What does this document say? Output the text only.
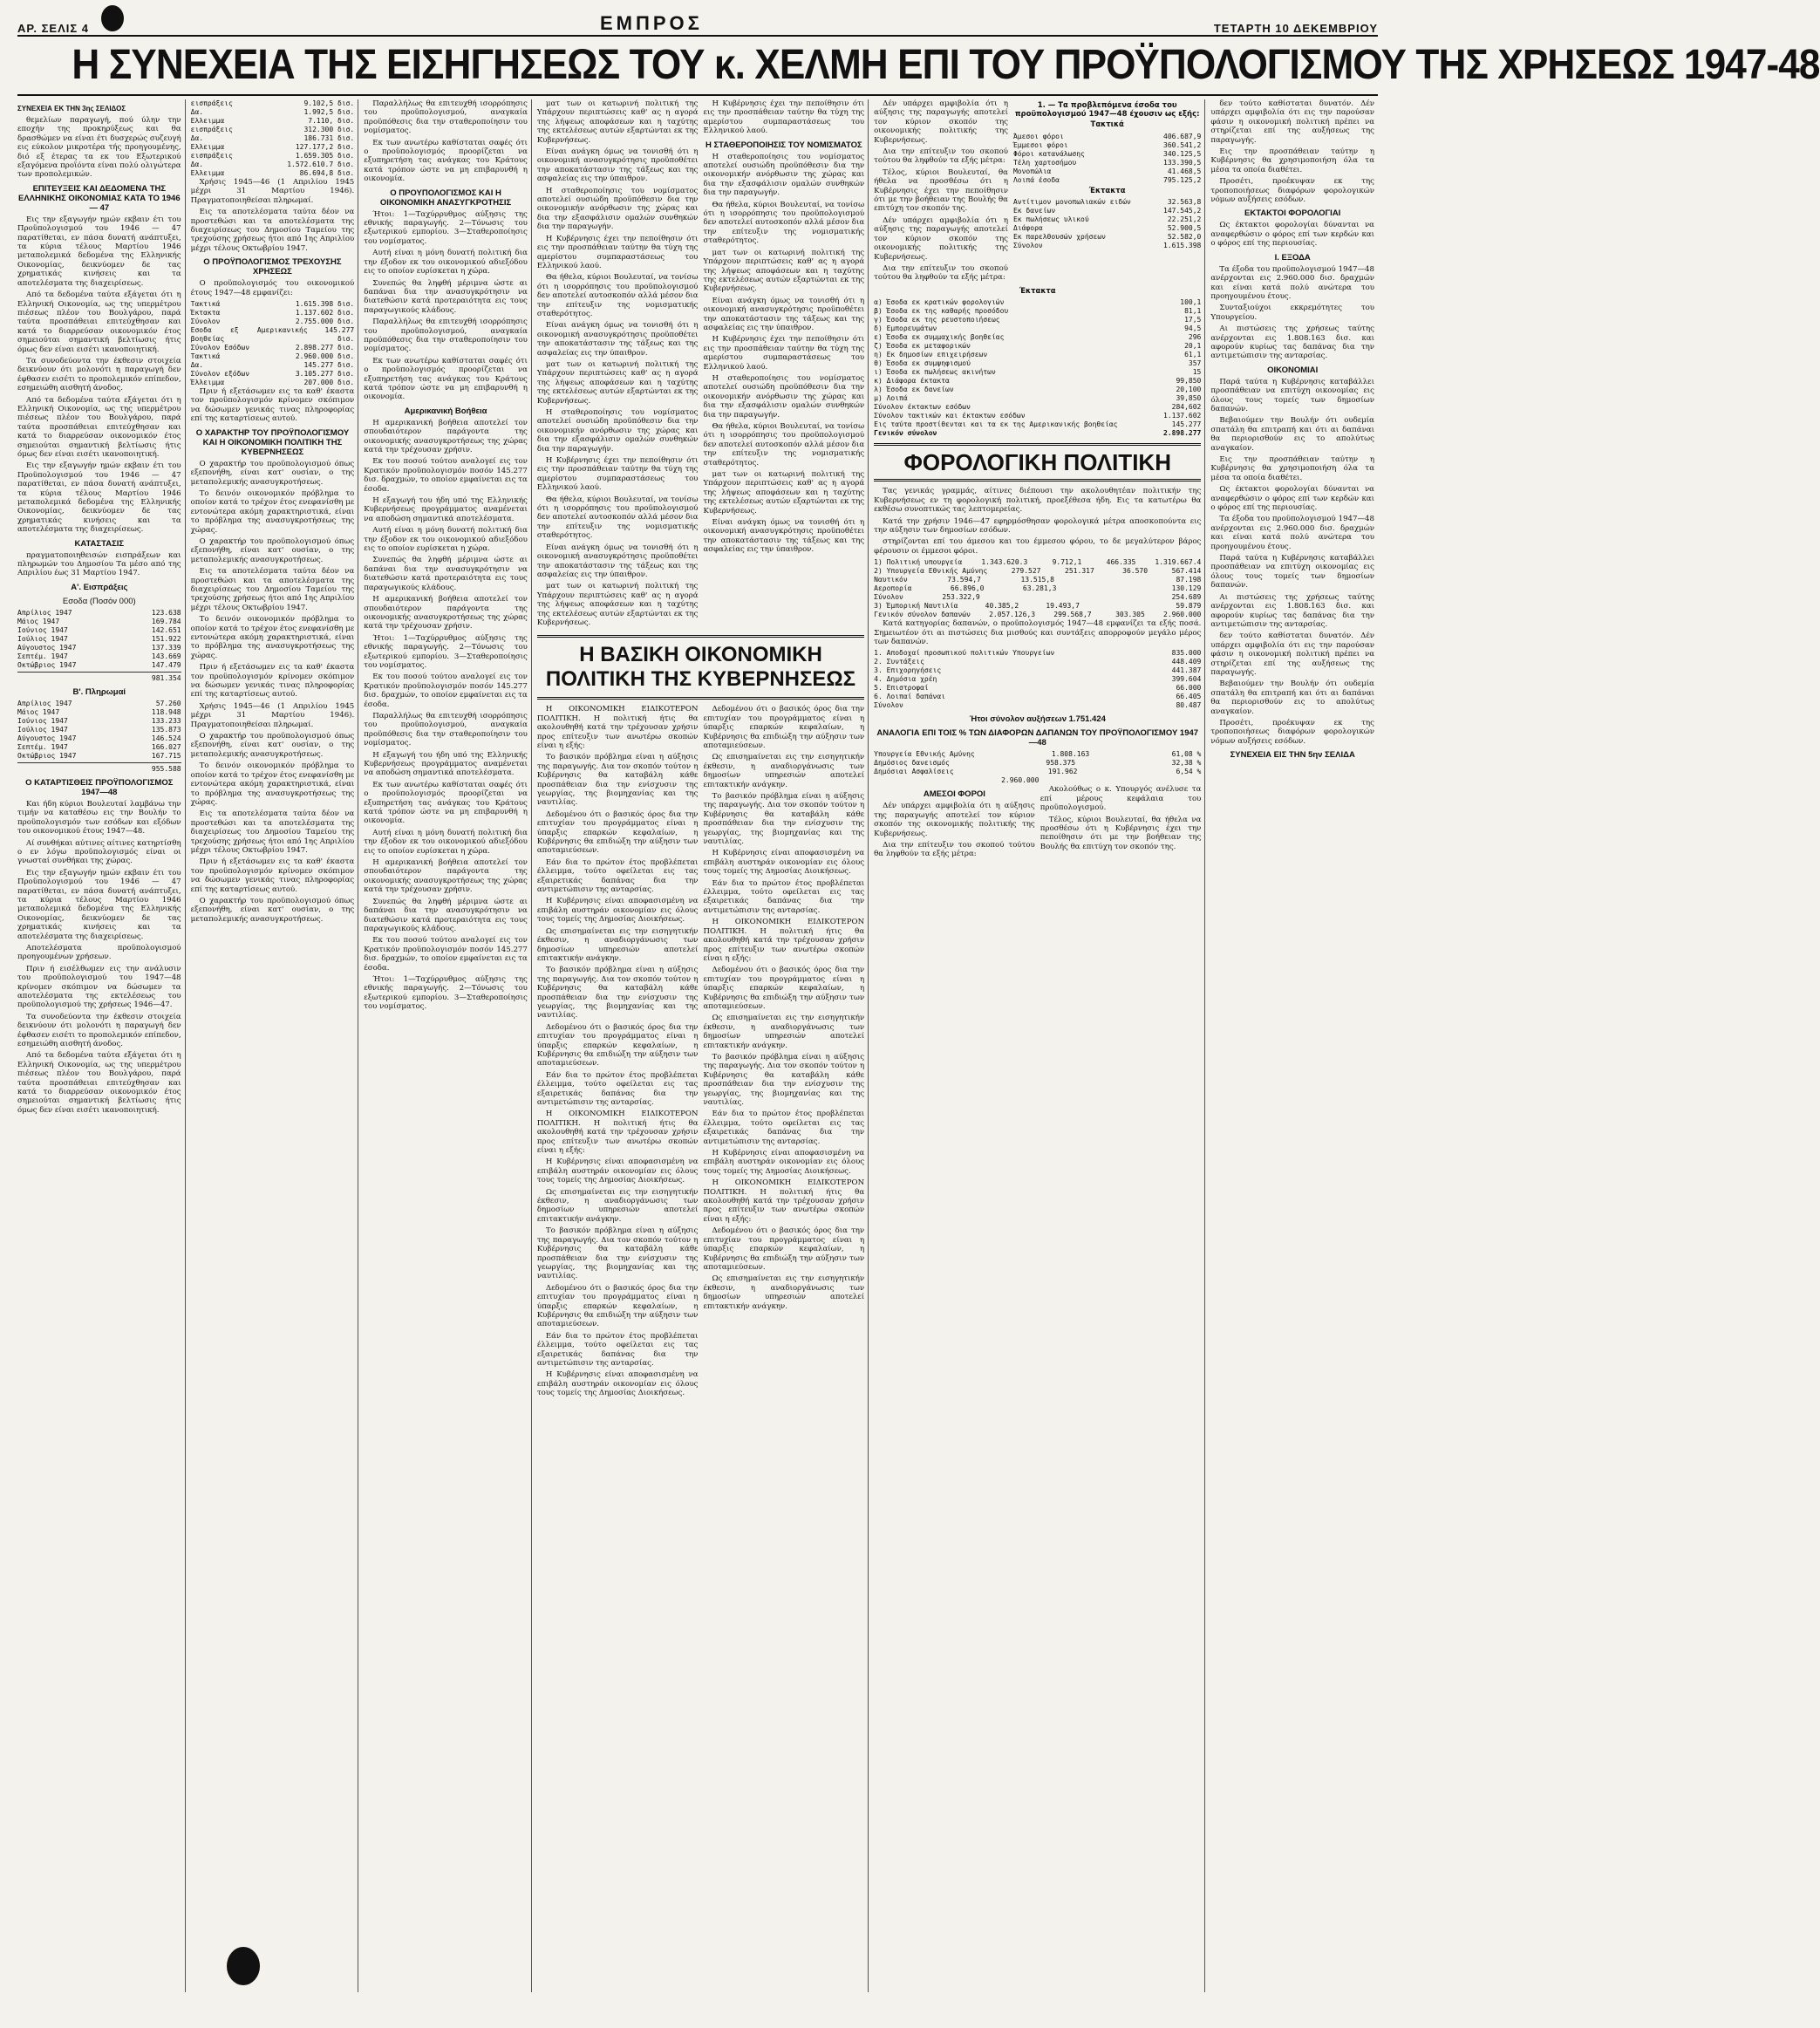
ΑΡ. ΣΕΛΙΣ 4	ΕΜΠΡΟΣ	ΤΕΤΑΡΤΗ 10 ΔΕΚΕΜΒΡΙΟΥ
Η ΣΥΝΕΧΕΙΑ ΤΗΣ ΕΙΣΗΓΗΣΕΩΣ ΤΟΥ κ. ΧΕΛΜΗ ΕΠΙ ΤΟΥ ΠΡΟΫΠΟΛΟΓΙΣΜΟΥ ΤΗΣ ΧΡΗΣΕΩΣ 1947-48
ΣΥΝΕΧΕΙΑ ΕΚ ΤΗΝ 3ης ΣΕΛΙΔΟΣ

θεμελίων παραγωγή, πού ύλην την εποχήν της προκηρύξεως και θα δρασθώμεν να είναι έτι δυσχερώς συζευγή εις εύκολον μικροτέρα τής προηγουμένης, διό εξ έτερας τα εκ του Εξωτερικού εξαγόμενα προϊόντα είναι πολύ ολιγώτερα των προπολεμικών.

ΕΠΙΤΕΥΞΕΙΣ ΚΑΙ ΔΕΔΟΜΕΝΑ ΤΗΣ ΕΛΛΗΝΙΚΗΣ ΟΙΚΟΝΟΜΙΑΣ ΚΑΤΑ ΤΟ 1946 — 47

Εις την εξαγωγήν ημών εκβαιν έτι του Προϋπολογισμού του 1946 — 47 παρατίθεται, εν πάσα δυνατή ανάπτυξει, τα κύρια τέλους Μαρτίου 1946 μεταπολεμικά δεδομένα της Ελληνικής Οικονομίας, δεικνύομεν δε τας χρηματικάς κινήσεις και τα αποτελέσματα της διαχειρίσεως.

Από τα δεδομένα ταύτα εξάγεται ότι η Ελληνική Οικονομία, ως της υπερμέτρου πιέσεως πλέον του Βουλγάρου, παρά ταύτα προσπάθειαι επιτεύχθησαν και κατά το διαρρεύσαν οικονομικόν έτος σημειούται σημαντική βελτίωσις ήτις όμως δεν είναι εισέτι ικανοποιητική.

Τα συνοδεύοντα την έκθεσιν στοιχεία δεικνύουν ότι μολονότι η παραγωγή δεν έφθασεν εισέτι το προπολεμικόν επίπεδον, εσημειώθη αισθητή άνοδος.

Από τα δεδομένα ταύτα εξάγεται ότι η Ελληνική Οικονομία, ως της υπερμέτρου πιέσεως πλέον του Βουλγάρου, παρά ταύτα προσπάθειαι επιτεύχθησαν και κατά το διαρρεύσαν οικονομικόν έτος σημειούται σημαντική βελτίωσις ήτις όμως δεν είναι εισέτι ικανοποιητική.

Εις την εξαγωγήν ημών εκβαιν έτι του Προϋπολογισμού του 1946 — 47 παρατίθεται, εν πάσα δυνατή ανάπτυξει, τα κύρια τέλους Μαρτίου 1946 μεταπολεμικά δεδομένα της Ελληνικής Οικονομίας, δεικνύομεν δε τας χρηματικάς κινήσεις και τα αποτελέσματα της διαχειρίσεως.

ΚΑΤΑΣΤΑΣΙΣ

πραγματοποιηθεισών εισπράξεων και πληρωμών του Δημοσίου Τα μέσο από της Απριλίου έως 31 Μαρτίου 1947.

Α'. Εισπράξεις
Εσοδα (Ποσόν 000)
Απρίλιος 1947	123.638
Μάιος 1947	169.784
Ιούνιος 1947	142.651
Ιούλιος 1947	151.922
Αύγουστος 1947	137.339
Σεπτέμ. 1947	143.669
Οκτώβριος 1947	147.479
981.354
Β'. Πληρωμαί
Απρίλιος 1947	57.260
Μάιος 1947	118.948
Ιούνιος 1947	133.233
Ιούλιος 1947	135.873
Αύγουστος 1947	146.524
Σεπτέμ. 1947	166.027
Οκτώβριος 1947	167.715
955.588
Ο ΚΑΤΑΡΤΙΣΘΕΙΣ ΠΡΟΫΠΟΛΟΓΙΣΜΟΣ 1947—48

Και ήδη κύριοι Βουλευταί λαμβάνω την τιμήν να καταθέσω εις την Βουλήν το προϋπολογισμόν των εσόδων και εξόδων του οικονομικού έτους 1947—48.

Αί συνθήκαι αύτινες αίτινες κατηρτίσθη ο εν λόγω προϋπολογισμός είναι οι γνωσταί συνθήκαι της χώρας.

Εις την εξαγωγήν ημών εκβαιν έτι του Προϋπολογισμού του 1946 — 47 παρατίθεται, εν πάσα δυνατή ανάπτυξει, τα κύρια τέλους Μαρτίου 1946 μεταπολεμικά δεδομένα της Ελληνικής Οικονομίας, δεικνύομεν δε τας χρηματικάς κινήσεις και τα αποτελέσματα της διαχειρίσεως.

Αποτελέσματα προϋπολογισμού προηγουμένων χρήσεων.

Πριν ή εισέλθωμεν εις την ανάλυσιν του προϋπολογισμού του 1947—48 κρίνομεν σκόπιμον να δώσωμεν τα αποτελέσματα της εκτελέσεως του προϋπολογισμού της χρήσεως 1946—47.

Τα συνοδεύοντα την έκθεσιν στοιχεία δεικνύουν ότι μολονότι η παραγωγή δεν έφθασεν εισέτι το προπολεμικόν επίπεδον, εσημειώθη αισθητή άνοδος.

Από τα δεδομένα ταύτα εξάγεται ότι η Ελληνική Οικονομία, ως της υπερμέτρου πιέσεως πλέον του Βουλγάρου, παρά ταύτα προσπάθειαι επιτεύχθησαν και κατά το διαρρεύσαν οικονομικόν έτος σημειούται σημαντική βελτίωσις ήτις όμως δεν είναι εισέτι ικανοποιητική.

εισπράξεις	9.102,5 δισ.
Δα.	1.992,5 δισ.
Ελλειμμα	7.110, δισ.
εισπράξεις	312.300 δισ.
Δα.	186.731 δισ.
Ελλειμμα	127.177,2 δισ.
εισπράξεις	1.659.305 δισ.
Δα.	1.572.610.7 δισ.
Ελλειμμα	86.694,8 δισ.

Χρήσις 1945—46 (1 Απριλίου 1945 μέχρι 31 Μαρτίου 1946). Πραγματοποιηθείσαι πληρωμαί.

Εις τα αποτελέσματα ταύτα δέον να προστεθώσι και τα αποτελέσματα της διαχειρίσεως του Δημοσίου Ταμείου της τρεχούσης χρήσεως ήτοι από 1ης Απριλίου μέχρι τέλους Οκτωβρίου 1947.

Ο ΠΡΟΫΠΟΛΟΓΙΣΜΟΣ ΤΡΕΧΟΥΣΗΣ ΧΡΗΣΕΩΣ

Ο προϋπολογισμός του οικονομικού έτους 1947—48 εμφανίζει:

Τακτικά	1.615.398 δισ.
Έκτακτα	1.137.602 δισ.
Σύνολον	2.755.000 δισ.
Εσοδα εξ Αμερικανικής βοηθείας
145.277 δισ.
Σύνολον Εσόδων	2.898.277 δισ.
Τακτικά	2.960.000 δισ.
Δα.	145.277 δισ.
Σύνολον εξόδων	3.105.277 δισ.
Έλλειμμα	207.000 δισ.

Πριν ή εξετάσωμεν εις τα καθ' έκαστα τον προϋπολογισμόν κρίνομεν σκόπιμον να δώσωμεν γενικάς τινας πληροφορίας επί της καταρτίσεως αυτού.

Ο ΧΑΡΑΚΤΗΡ ΤΟΥ ΠΡΟΫΠΟΛΟΓΙΣΜΟΥ ΚΑΙ Η ΟΙΚΟΝΟΜΙΚΗ ΠΟΛΙΤΙΚΗ ΤΗΣ ΚΥΒΕΡΝΗΣΕΩΣ

Ο χαρακτήρ του προϋπολογισμού όπως εξεπονήθη, είναι κατ' ουσίαν, ο της μεταπολεμικής ανασυγκροτήσεως.

Το δεινόν οικονομικόν πρόβλημα το οποίον κατά το τρέχον έτος ενεφανίσθη με εντονώτερα ακόμη χαρακτηριστικά, είναι το πρόβλημα της ανασυγκροτήσεως της χώρας.

Ο χαρακτήρ του προϋπολογισμού όπως εξεπονήθη, είναι κατ' ουσίαν, ο της μεταπολεμικής ανασυγκροτήσεως.

Εις τα αποτελέσματα ταύτα δέον να προστεθώσι και τα αποτελέσματα της διαχειρίσεως του Δημοσίου Ταμείου της τρεχούσης χρήσεως ήτοι από 1ης Απριλίου μέχρι τέλους Οκτωβρίου 1947.

Το δεινόν οικονομικόν πρόβλημα το οποίον κατά το τρέχον έτος ενεφανίσθη με εντονώτερα ακόμη χαρακτηριστικά, είναι το πρόβλημα της ανασυγκροτήσεως της χώρας.

Πριν ή εξετάσωμεν εις τα καθ' έκαστα τον προϋπολογισμόν κρίνομεν σκόπιμον να δώσωμεν γενικάς τινας πληροφορίας επί της καταρτίσεως αυτού.

Χρήσις 1945—46 (1 Απριλίου 1945 μέχρι 31 Μαρτίου 1946). Πραγματοποιηθείσαι πληρωμαί.

Ο χαρακτήρ του προϋπολογισμού όπως εξεπονήθη, είναι κατ' ουσίαν, ο της μεταπολεμικής ανασυγκροτήσεως.

Το δεινόν οικονομικόν πρόβλημα το οποίον κατά το τρέχον έτος ενεφανίσθη με εντονώτερα ακόμη χαρακτηριστικά, είναι το πρόβλημα της ανασυγκροτήσεως της χώρας.

Εις τα αποτελέσματα ταύτα δέον να προστεθώσι και τα αποτελέσματα της διαχειρίσεως του Δημοσίου Ταμείου της τρεχούσης χρήσεως ήτοι από 1ης Απριλίου μέχρι τέλους Οκτωβρίου 1947.

Πριν ή εξετάσωμεν εις τα καθ' έκαστα τον προϋπολογισμόν κρίνομεν σκόπιμον να δώσωμεν γενικάς τινας πληροφορίας επί της καταρτίσεως αυτού.

Ο χαρακτήρ του προϋπολογισμού όπως εξεπονήθη, είναι κατ' ουσίαν, ο της μεταπολεμικής ανασυγκροτήσεως.

Παραλλήλως θα επιτευχθή ισορρόπησις του προϋπολογισμού, αναγκαία προϋπόθεσις δια την σταθεροποίησιν του νομίσματος.

Εκ των ανωτέρω καθίσταται σαφές ότι ο προϋπολογισμός προορίζεται να εξυπηρετήση τας ανάγκας του Κράτους κατά τρόπον ώστε να μη επιβαρυνθή η οικονομία.

Ο ΠΡΟΥΠΟΛΟΓΙΣΜΟΣ ΚΑΙ Η ΟΙΚΟΝΟΜΙΚΗ ΑΝΑΣΥΓΚΡΟΤΗΣΙΣ

Ήτοι: 1—Ταχύρρυθμος αύξησις της εθνικής παραγωγής. 2—Τόνωσις του εξωτερικού εμπορίου. 3—Σταθεροποίησις του νομίσματος.

Αυτή είναι η μόνη δυνατή πολιτική δια την έξοδον εκ του οικονομικού αδιεξόδου εις το οποίον ευρίσκεται η χώρα.

Συνεπώς θα ληφθή μέριμνα ώστε αι δαπάναι δια την ανασυγκρότησιν να διατεθώσιν κατά προτεραιότητα εις τους παραγωγικούς κλάδους.

Παραλλήλως θα επιτευχθή ισορρόπησις του προϋπολογισμού, αναγκαία προϋπόθεσις δια την σταθεροποίησιν του νομίσματος.

Εκ των ανωτέρω καθίσταται σαφές ότι ο προϋπολογισμός προορίζεται να εξυπηρετήση τας ανάγκας του Κράτους κατά τρόπον ώστε να μη επιβαρυνθή η οικονομία.

Αμερικανική Βοήθεια

Η αμερικανική βοήθεια αποτελεί τον σπουδαιότερον παράγοντα της οικονομικής ανασυγκροτήσεως της χώρας κατά την τρέχουσαν χρήσιν.

Εκ του ποσού τούτου αναλογεί εις τον Κρατικόν προϋπολογισμόν ποσόν 145.277 δισ. δραχμών, το οποίον εμφαίνεται εις τα έσοδα.

Η εξαγωγή του ήδη υπό της Ελληνικής Κυβερνήσεως προγράμματος αναμένεται να αποδώση σημαντικά αποτελέσματα.

Αυτή είναι η μόνη δυνατή πολιτική δια την έξοδον εκ του οικονομικού αδιεξόδου εις το οποίον ευρίσκεται η χώρα.

Συνεπώς θα ληφθή μέριμνα ώστε αι δαπάναι δια την ανασυγκρότησιν να διατεθώσιν κατά προτεραιότητα εις τους παραγωγικούς κλάδους.

Η αμερικανική βοήθεια αποτελεί τον σπουδαιότερον παράγοντα της οικονομικής ανασυγκροτήσεως της χώρας κατά την τρέχουσαν χρήσιν.

Ήτοι: 1—Ταχύρρυθμος αύξησις της εθνικής παραγωγής. 2—Τόνωσις του εξωτερικού εμπορίου. 3—Σταθεροποίησις του νομίσματος.

Εκ του ποσού τούτου αναλογεί εις τον Κρατικόν προϋπολογισμόν ποσόν 145.277 δισ. δραχμών, το οποίον εμφαίνεται εις τα έσοδα.

Παραλλήλως θα επιτευχθή ισορρόπησις του προϋπολογισμού, αναγκαία προϋπόθεσις δια την σταθεροποίησιν του νομίσματος.

Η εξαγωγή του ήδη υπό της Ελληνικής Κυβερνήσεως προγράμματος αναμένεται να αποδώση σημαντικά αποτελέσματα.

Εκ των ανωτέρω καθίσταται σαφές ότι ο προϋπολογισμός προορίζεται να εξυπηρετήση τας ανάγκας του Κράτους κατά τρόπον ώστε να μη επιβαρυνθή η οικονομία.

Αυτή είναι η μόνη δυνατή πολιτική δια την έξοδον εκ του οικονομικού αδιεξόδου εις το οποίον ευρίσκεται η χώρα.

Η αμερικανική βοήθεια αποτελεί τον σπουδαιότερον παράγοντα της οικονομικής ανασυγκροτήσεως της χώρας κατά την τρέχουσαν χρήσιν.

Συνεπώς θα ληφθή μέριμνα ώστε αι δαπάναι δια την ανασυγκρότησιν να διατεθώσιν κατά προτεραιότητα εις τους παραγωγικούς κλάδους.

Εκ του ποσού τούτου αναλογεί εις τον Κρατικόν προϋπολογισμόν ποσόν 145.277 δισ. δραχμών, το οποίον εμφαίνεται εις τα έσοδα.

Ήτοι: 1—Ταχύρρυθμος αύξησις της εθνικής παραγωγής. 2—Τόνωσις του εξωτερικού εμπορίου. 3—Σταθεροποίησις του νομίσματος.

ματ των οι κατωρινή πολιτική της Υπάρχουν περιπτώσεις καθ' ας η αγορά της λήψεως αποφάσεων και η ταχύτης της εκτελέσεως αυτών εξαρτώνται εκ της Κυβερνήσεως.

Είναι ανάγκη όμως να τονισθή ότι η οικονομική ανασυγκρότησις προϋποθέτει την αποκατάστασιν της τάξεως και της ασφαλείας εις την ύπαιθρον.

Η σταθεροποίησις του νομίσματος αποτελεί ουσιώδη προϋπόθεσιν δια την οικονομικήν ανόρθωσιν της χώρας και δια την εξασφάλισιν ομαλών συνθηκών δια την παραγωγήν.

Η Κυβέρνησις έχει την πεποίθησιν ότι εις την προσπάθειαν ταύτην θα τύχη της αμερίστου συμπαραστάσεως του Ελληνικού λαού.

Θα ήθελα, κύριοι Βουλευταί, να τονίσω ότι η ισορρόπησις του προϋπολογισμού δεν αποτελεί αυτοσκοπόν αλλά μέσον δια την επίτευξιν της νομισματικής σταθερότητος.

Είναι ανάγκη όμως να τονισθή ότι η οικονομική ανασυγκρότησις προϋποθέτει την αποκατάστασιν της τάξεως και της ασφαλείας εις την ύπαιθρον.

ματ των οι κατωρινή πολιτική της Υπάρχουν περιπτώσεις καθ' ας η αγορά της λήψεως αποφάσεων και η ταχύτης της εκτελέσεως αυτών εξαρτώνται εκ της Κυβερνήσεως.

Η σταθεροποίησις του νομίσματος αποτελεί ουσιώδη προϋπόθεσιν δια την οικονομικήν ανόρθωσιν της χώρας και δια την εξασφάλισιν ομαλών συνθηκών δια την παραγωγήν.

Η Κυβέρνησις έχει την πεποίθησιν ότι εις την προσπάθειαν ταύτην θα τύχη της αμερίστου συμπαραστάσεως του Ελληνικού λαού.

Θα ήθελα, κύριοι Βουλευταί, να τονίσω ότι η ισορρόπησις του προϋπολογισμού δεν αποτελεί αυτοσκοπόν αλλά μέσον δια την επίτευξιν της νομισματικής σταθερότητος.

Είναι ανάγκη όμως να τονισθή ότι η οικονομική ανασυγκρότησις προϋποθέτει την αποκατάστασιν της τάξεως και της ασφαλείας εις την ύπαιθρον.

ματ των οι κατωρινή πολιτική της Υπάρχουν περιπτώσεις καθ' ας η αγορά της λήψεως αποφάσεων και η ταχύτης της εκτελέσεως αυτών εξαρτώνται εκ της Κυβερνήσεως.

Η Κυβέρνησις έχει την πεποίθησιν ότι εις την προσπάθειαν ταύτην θα τύχη της αμερίστου συμπαραστάσεως του Ελληνικού λαού.

Η ΣΤΑΘΕΡΟΠΟΙΗΣΙΣ ΤΟΥ ΝΟΜΙΣΜΑΤΟΣ

Η σταθεροποίησις του νομίσματος αποτελεί ουσιώδη προϋπόθεσιν δια την οικονομικήν ανόρθωσιν της χώρας και δια την εξασφάλισιν ομαλών συνθηκών δια την παραγωγήν.

Θα ήθελα, κύριοι Βουλευταί, να τονίσω ότι η ισορρόπησις του προϋπολογισμού δεν αποτελεί αυτοσκοπόν αλλά μέσον δια την επίτευξιν της νομισματικής σταθερότητος.

ματ των οι κατωρινή πολιτική της Υπάρχουν περιπτώσεις καθ' ας η αγορά της λήψεως αποφάσεων και η ταχύτης της εκτελέσεως αυτών εξαρτώνται εκ της Κυβερνήσεως.

Είναι ανάγκη όμως να τονισθή ότι η οικονομική ανασυγκρότησις προϋποθέτει την αποκατάστασιν της τάξεως και της ασφαλείας εις την ύπαιθρον.

Η Κυβέρνησις έχει την πεποίθησιν ότι εις την προσπάθειαν ταύτην θα τύχη της αμερίστου συμπαραστάσεως του Ελληνικού λαού.

Η σταθεροποίησις του νομίσματος αποτελεί ουσιώδη προϋπόθεσιν δια την οικονομικήν ανόρθωσιν της χώρας και δια την εξασφάλισιν ομαλών συνθηκών δια την παραγωγήν.

Θα ήθελα, κύριοι Βουλευταί, να τονίσω ότι η ισορρόπησις του προϋπολογισμού δεν αποτελεί αυτοσκοπόν αλλά μέσον δια την επίτευξιν της νομισματικής σταθερότητος.

ματ των οι κατωρινή πολιτική της Υπάρχουν περιπτώσεις καθ' ας η αγορά της λήψεως αποφάσεων και η ταχύτης της εκτελέσεως αυτών εξαρτώνται εκ της Κυβερνήσεως.

Είναι ανάγκη όμως να τονισθή ότι η οικονομική ανασυγκρότησις προϋποθέτει την αποκατάστασιν της τάξεως και της ασφαλείας εις την ύπαιθρον.

Η ΒΑΣΙΚΗ ΟΙΚΟΝΟΜΙΚΗ ΠΟΛΙΤΙΚΗ ΤΗΣ ΚΥΒΕΡΝΗΣΕΩΣ

Η ΟΙΚΟΝΟΜΙΚΗ ΕΙΔΙΚΟΤΕΡΟΝ ΠΟΛΙΤΙΚΗ. Η πολιτική ήτις θα ακολουθηθή κατά την τρέχουσαν χρήσιν προς επίτευξιν των ανωτέρω σκοπών είναι η εξής:

Το βασικόν πρόβλημα είναι η αύξησις της παραγωγής. Δια τον σκοπόν τούτον η Κυβέρνησις θα καταβάλη κάθε προσπάθειαν δια την ενίσχυσιν της γεωργίας, της βιομηχανίας και της ναυτιλίας.

Δεδομένου ότι ο βασικός όρος δια την επιτυχίαν του προγράμματος είναι η ύπαρξις επαρκών κεφαλαίων, η Κυβέρνησις θα επιδιώξη την αύξησιν των αποταμιεύσεων.

Εάν δια το πρώτον έτος προβλέπεται έλλειμμα, τούτο οφείλεται εις τας εξαιρετικάς δαπάνας δια την αντιμετώπισιν της ανταρσίας.

Η Κυβέρνησις είναι αποφασισμένη να επιβάλη αυστηράν οικονομίαν εις όλους τους τομείς της Δημοσίας Διοικήσεως.

Ως επισημαίνεται εις την εισηγητικήν έκθεσιν, η αναδιοργάνωσις των δημοσίων υπηρεσιών αποτελεί επιτακτικήν ανάγκην.

Το βασικόν πρόβλημα είναι η αύξησις της παραγωγής. Δια τον σκοπόν τούτον η Κυβέρνησις θα καταβάλη κάθε προσπάθειαν δια την ενίσχυσιν της γεωργίας, της βιομηχανίας και της ναυτιλίας.

Δεδομένου ότι ο βασικός όρος δια την επιτυχίαν του προγράμματος είναι η ύπαρξις επαρκών κεφαλαίων, η Κυβέρνησις θα επιδιώξη την αύξησιν των αποταμιεύσεων.

Εάν δια το πρώτον έτος προβλέπεται έλλειμμα, τούτο οφείλεται εις τας εξαιρετικάς δαπάνας δια την αντιμετώπισιν της ανταρσίας.

Η ΟΙΚΟΝΟΜΙΚΗ ΕΙΔΙΚΟΤΕΡΟΝ ΠΟΛΙΤΙΚΗ. Η πολιτική ήτις θα ακολουθηθή κατά την τρέχουσαν χρήσιν προς επίτευξιν των ανωτέρω σκοπών είναι η εξής:

Η Κυβέρνησις είναι αποφασισμένη να επιβάλη αυστηράν οικονομίαν εις όλους τους τομείς της Δημοσίας Διοικήσεως.

Ως επισημαίνεται εις την εισηγητικήν έκθεσιν, η αναδιοργάνωσις των δημοσίων υπηρεσιών αποτελεί επιτακτικήν ανάγκην.

Το βασικόν πρόβλημα είναι η αύξησις της παραγωγής. Δια τον σκοπόν τούτον η Κυβέρνησις θα καταβάλη κάθε προσπάθειαν δια την ενίσχυσιν της γεωργίας, της βιομηχανίας και της ναυτιλίας.

Δεδομένου ότι ο βασικός όρος δια την επιτυχίαν του προγράμματος είναι η ύπαρξις επαρκών κεφαλαίων, η Κυβέρνησις θα επιδιώξη την αύξησιν των αποταμιεύσεων.

Εάν δια το πρώτον έτος προβλέπεται έλλειμμα, τούτο οφείλεται εις τας εξαιρετικάς δαπάνας δια την αντιμετώπισιν της ανταρσίας.

Η Κυβέρνησις είναι αποφασισμένη να επιβάλη αυστηράν οικονομίαν εις όλους τους τομείς της Δημοσίας Διοικήσεως.

Δεδομένου ότι ο βασικός όρος δια την επιτυχίαν του προγράμματος είναι η ύπαρξις επαρκών κεφαλαίων, η Κυβέρνησις θα επιδιώξη την αύξησιν των αποταμιεύσεων.

Ως επισημαίνεται εις την εισηγητικήν έκθεσιν, η αναδιοργάνωσις των δημοσίων υπηρεσιών αποτελεί επιτακτικήν ανάγκην.

Το βασικόν πρόβλημα είναι η αύξησις της παραγωγής. Δια τον σκοπόν τούτον η Κυβέρνησις θα καταβάλη κάθε προσπάθειαν δια την ενίσχυσιν της γεωργίας, της βιομηχανίας και της ναυτιλίας.

Η Κυβέρνησις είναι αποφασισμένη να επιβάλη αυστηράν οικονομίαν εις όλους τους τομείς της Δημοσίας Διοικήσεως.

Εάν δια το πρώτον έτος προβλέπεται έλλειμμα, τούτο οφείλεται εις τας εξαιρετικάς δαπάνας δια την αντιμετώπισιν της ανταρσίας.

Η ΟΙΚΟΝΟΜΙΚΗ ΕΙΔΙΚΟΤΕΡΟΝ ΠΟΛΙΤΙΚΗ. Η πολιτική ήτις θα ακολουθηθή κατά την τρέχουσαν χρήσιν προς επίτευξιν των ανωτέρω σκοπών είναι η εξής:

Δεδομένου ότι ο βασικός όρος δια την επιτυχίαν του προγράμματος είναι η ύπαρξις επαρκών κεφαλαίων, η Κυβέρνησις θα επιδιώξη την αύξησιν των αποταμιεύσεων.

Ως επισημαίνεται εις την εισηγητικήν έκθεσιν, η αναδιοργάνωσις των δημοσίων υπηρεσιών αποτελεί επιτακτικήν ανάγκην.

Το βασικόν πρόβλημα είναι η αύξησις της παραγωγής. Δια τον σκοπόν τούτον η Κυβέρνησις θα καταβάλη κάθε προσπάθειαν δια την ενίσχυσιν της γεωργίας, της βιομηχανίας και της ναυτιλίας.

Εάν δια το πρώτον έτος προβλέπεται έλλειμμα, τούτο οφείλεται εις τας εξαιρετικάς δαπάνας δια την αντιμετώπισιν της ανταρσίας.

Η Κυβέρνησις είναι αποφασισμένη να επιβάλη αυστηράν οικονομίαν εις όλους τους τομείς της Δημοσίας Διοικήσεως.

Η ΟΙΚΟΝΟΜΙΚΗ ΕΙΔΙΚΟΤΕΡΟΝ ΠΟΛΙΤΙΚΗ. Η πολιτική ήτις θα ακολουθηθή κατά την τρέχουσαν χρήσιν προς επίτευξιν των ανωτέρω σκοπών είναι η εξής:

Δεδομένου ότι ο βασικός όρος δια την επιτυχίαν του προγράμματος είναι η ύπαρξις επαρκών κεφαλαίων, η Κυβέρνησις θα επιδιώξη την αύξησιν των αποταμιεύσεων.

Ως επισημαίνεται εις την εισηγητικήν έκθεσιν, η αναδιοργάνωσις των δημοσίων υπηρεσιών αποτελεί επιτακτικήν ανάγκην.

Δέν υπάρχει αμφιβολία ότι η αύξησις της παραγωγής αποτελεί τον κύριον σκοπόν της οικονομικής πολιτικής της Κυβερνήσεως.

Δια την επίτευξιν του σκοπού τούτου θα ληφθούν τα εξής μέτρα:

Τέλος, κύριοι Βουλευταί, θα ήθελα να προσθέσω ότι η Κυβέρνησις έχει την πεποίθησιν ότι με την βοήθειαν της Βουλής θα επιτύχη τον σκοπόν της.

Δέν υπάρχει αμφιβολία ότι η αύξησις της παραγωγής αποτελεί τον κύριον σκοπόν της οικονομικής πολιτικής της Κυβερνήσεως.

Δια την επίτευξιν του σκοπού τούτου θα ληφθούν τα εξής μέτρα:

1. — Τα προβλεπόμενα έσοδα του προϋπολογισμού 1947—48 έχουσιν ως εξής:
Τακτικά
Άμεσοι φόροι	406.687,9
Έμμεσοι φόροι	360.541,2
Φόροι κατανάλωσης	340.125,5
Τέλη χαρτοσήμου	133.390,5
Μονοπώλια	41.468,5
Λοιπά έσοδα	795.125,2
Έκτακτα
Αντίτιμον μονοπωλιακών ειδών	32.563,8
Εκ δανείων	147.545,2
Εκ πωλήσεως υλικού	22.251,2
Διάφορα	52.900,5
Εκ παρελθουσών χρήσεων	52.582,0
Σύνολον	1.615.398
Έκτακτα
α) Έσοδα εκ κρατικών φορολογιών	100,1
β) Έσοδα εκ της καθαρής προσόδου	81,1
γ) Έσοδα εκ της ρευστοποιήσεως	17,5
δ) Εμπορευμάτων	94,5
ε) Έσοδα εκ συμμαχικής βοηθείας	296
ζ) Έσοδα εκ μεταφορικών	20,1
η) Εκ δημοσίων επιχειρήσεων	61,1
θ) Έσοδα εκ συμψηφισμού	357
ι) Έσοδα εκ πωλήσεως ακινήτων	15
κ) Διάφορα έκτακτα	99,850
λ) Έσοδα εκ δανείων	20,100
μ) Λοιπά	39,850
Σύνολον έκτακτων εσόδων	284,602
Σύνολον τακτικών και έκτακτων εσόδων	1.137.602
Εις ταύτα προστίθενται και τα εκ της Αμερικανικής βοηθείας	145.277
Γενικόν σύνολον	2.898.277
ΦΟΡΟΛΟΓΙΚΗ ΠΟΛΙΤΙΚΗ

Τας γενικάς γραμμάς, αίτινες διέπουσι την ακολουθητέαν πολιτικήν της Κυβερνήσεως εν τη φορολογική πολιτική, προεξέθεσα ήδη. Εις τα κατωτέρω θα εκθέσω συνοπτικώς τας λεπτομερείας.

Κατά την χρήσιν 1946—47 εφηρμόσθησαν φορολογικά μέτρα αποσκοπούντα εις την αύξησιν των δημοσίων εσόδων.

στηρίζονται επί του άμεσου και του έμμεσου φόρου, το δε μεγαλύτερον βάρος φέρουσιν οι έμμεσοι φόροι.

1) Πολιτική υπουργεία	1.343.620.3	9.712,1	466.335	1.319.667.4
2) Υπουργεία Εθνικής Αμύνης	279.527	251.317	36.570	567.414
Ναυτικόν	73.594,7	13.515,8	87.198
Αεροπορία	66.896,0	63.281,3	130.129
Σύνολον	253.322,9	254.689
3) Έμπορική Ναυτιλία	40.385,2	19.493,7	59.879
Γενικόν σύνολον δαπανών	2.057.126,3	299.568,7	303.305	2.960.000

Κατά κατηγορίας δαπανών, ο προϋπολογισμός 1947—48 εμφανίζει τα εξής ποσά. Σημειωτέον ότι αι πιστώσεις δια μισθούς και συντάξεις απορροφούν μεγάλο μέρος των δαπανών.

1. Αποδοχαί προσωπικού πολιτικών Υπουργείων	835.000
2. Συντάξεις	448.409
3. Επιχορηγήσεις	441.387
4. Δημόσια χρέη	399.604
5. Επιστροφαί	66.000
6. Λοιπαί δαπάναι	66.405
Σύνολον	80.487
Ήτοι σύνολον αυξήσεων 1.751.424
ΑΝΑΛΟΓΙΑ ΕΠΙ ΤΟΙΣ % ΤΩΝ ΔΙΑΦΟΡΩΝ ΔΑΠΑΝΩΝ ΤΟΥ ΠΡΟΫΠΟΛΟΓΙΣΜΟΥ 1947—48
Υπουργεία Εθνικής Αμύνης	1.808.163	61,08 %
Δημόσιος δανεισμός	958.375	32,38 %
Δημόσιαι Ασφαλίσεις	191.962	6,54 %
2.960.000
ΑΜΕΣΟΙ ΦΟΡΟΙ

Δέν υπάρχει αμφιβολία ότι η αύξησις της παραγωγής αποτελεί τον κύριον σκοπόν της οικονομικής πολιτικής της Κυβερνήσεως.

Δια την επίτευξιν του σκοπού τούτου θα ληφθούν τα εξής μέτρα:

Ακολούθως ο κ. Υπουργός ανέλυσε τα επί μέρους κεφάλαια του προϋπολογισμού.

Τέλος, κύριοι Βουλευταί, θα ήθελα να προσθέσω ότι η Κυβέρνησις έχει την πεποίθησιν ότι με την βοήθειαν της Βουλής θα επιτύχη τον σκοπόν της.

δεν τούτο καθίσταται δυνατόν. Δέν υπάρχει αμφιβολία ότι εις την παρούσαν φάσιν η οικονομική πολιτική πρέπει να στηρίζεται επί της αυξήσεως της παραγωγής.

Εις την προσπάθειαν ταύτην η Κυβέρνησις θα χρησιμοποιήση όλα τα μέσα τα οποία διαθέτει.

Προσέτι, προέκυψαν εκ της τροποποιήσεως διαφόρων φορολογικών νόμων αυξήσεις εσόδων.

ΕΚΤΑΚΤΟΙ ΦΟΡΟΛΟΓΙΑΙ

Ως έκτακτοι φορολογίαι δύνανται να αναφερθώσιν ο φόρος επί των κερδών και ο φόρος επί της περιουσίας.

I. ΕΞΟΔΑ

Τα έξοδα του προϋπολογισμού 1947—48 ανέρχονται εις 2.960.000 δισ. δραχμών και είναι κατά πολύ ανώτερα του προηγουμένου έτους.

Συνταξιούχοι εκκρεμότητες του Υπουργείου.

Αι πιστώσεις της χρήσεως ταύτης ανέρχονται εις 1.808.163 δισ. και αφορούν κυρίως τας δαπάνας δια την αντιμετώπισιν της ανταρσίας.

ΟΙΚΟΝΟΜΙΑΙ

Παρά ταύτα η Κυβέρνησις καταβάλλει προσπάθειαν να επιτύχη οικονομίας εις όλους τους τομείς των δημοσίων δαπανών.

Βεβαιούμεν την Βουλήν ότι ουδεμία σπατάλη θα επιτραπή και ότι αι δαπάναι θα περιορισθούν εις το απολύτως αναγκαίον.

Εις την προσπάθειαν ταύτην η Κυβέρνησις θα χρησιμοποιήση όλα τα μέσα τα οποία διαθέτει.

Ως έκτακτοι φορολογίαι δύνανται να αναφερθώσιν ο φόρος επί των κερδών και ο φόρος επί της περιουσίας.

Τα έξοδα του προϋπολογισμού 1947—48 ανέρχονται εις 2.960.000 δισ. δραχμών και είναι κατά πολύ ανώτερα του προηγουμένου έτους.

Παρά ταύτα η Κυβέρνησις καταβάλλει προσπάθειαν να επιτύχη οικονομίας εις όλους τους τομείς των δημοσίων δαπανών.

Αι πιστώσεις της χρήσεως ταύτης ανέρχονται εις 1.808.163 δισ. και αφορούν κυρίως τας δαπάνας δια την αντιμετώπισιν της ανταρσίας.

δεν τούτο καθίσταται δυνατόν. Δέν υπάρχει αμφιβολία ότι εις την παρούσαν φάσιν η οικονομική πολιτική πρέπει να στηρίζεται επί της αυξήσεως της παραγωγής.

Βεβαιούμεν την Βουλήν ότι ουδεμία σπατάλη θα επιτραπή και ότι αι δαπάναι θα περιορισθούν εις το απολύτως αναγκαίον.

Προσέτι, προέκυψαν εκ της τροποποιήσεως διαφόρων φορολογικών νόμων αυξήσεις εσόδων.

ΣΥΝΕΧΕΙΑ ΕΙΣ ΤΗΝ 5ην ΣΕΛΙΔΑ
